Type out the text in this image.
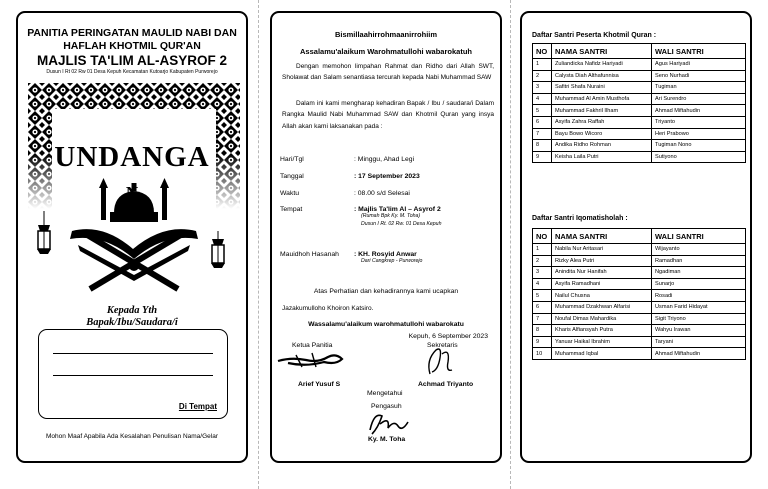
PANITIA PERINGATAN MAULID NABI DAN
HAFLAH KHOTMIL QUR'AN
MAJLIS TA'LIM AL-ASYROF 2
Dusun I Rt 02 Rw 01 Desa Kepuh Kecamatan Kutoarjo Kabupaten Purworejo
UNDANGA
N
Kepada Yth
Bapak/Ibu/Saudara/i
Di Tempat
Mohon Maaf Apabila Ada Kesalahan Penulisan Nama/Gelar
Bismillaahirrohmaanirrohiim
Assalamu'alaikum Warohmatullohi wabarokatuh
Dengan memohon limpahan Rahmat dan Ridho dari Allah SWT, Sholawat dan Salam senantiasa tercurah kepada Nabi Muhammad SAW
Dalam ini kami mengharap kehadiran Bapak / Ibu / saudara/i Dalam Rangka Maulid Nabi Muhammad SAW dan Khotmil Quran yang insya Allah akan kami laksanakan pada :
Hari/Tgl	: Minggu, Ahad Legi
Tanggal	: 17 September 2023
Waktu	: 08.00 s/d Selesai
Tempat	: Majlis Ta'lim Al – Asyrof 2
(Rumah Bpk Ky. M. Toha)
Dusun I Rt. 02 Rw. 01 Desa Kepuh
Mauidhoh Hasanah : KH. Rosyid Anwar
Dari Cangkrep - Purworejo
Atas Perhatian dan kehadirannya kami ucapkan
Jazakumulloho Khoiron Katsiro.
Wassalamu'alaikum warohmatullohi wabarokatu
Kepuh, 6 September 2023
Ketua Panitia	Sekretaris
Arief Yusuf S	Achmad Triyanto
Mengetahui
Pengasuh
Ky. M. Toha
Daftar Santri Peserta Khotmil Quran :
NO	NAMA SANTRI	WALI SANTRI
1	Zuliandicka Nafidz Hariyadi	Agus Hariyadi
2	Calysta Diah Althafunnisa	Seno Nurhadi
3	Safitri Shafa Nuraini	Tugiman
4	Muhammad Al Amin Musthofa	Ari Surendro
5	Muhammad Fakhril Ilham	Ahmad Miftahudin
6	Asyifa Zahra Raffah	Triyanto
7	Bayu Bowo Wicoro	Heri Prabowo
8	Andika Ridho Rohman	Tugiman Nono
9	Keisha Laila Putri	Sutiyono
Daftar Santri Iqomatisholah :
NO	NAMA SANTRI	WALI SANTRI
1	Nabila Nur Aritasari	Wijayanto
2	Rizky Alea Putri	Ramadhan
3	Anindita Nur Hanifah	Ngadiman
4	Asyifa Ramadhani	Sunarjo
5	Nailul Chusna	Rosadi
6	Muhammad Dzakhwan Alfarisi	Usman Farid Hidayat
7	Noufal Dimas Mahardika	Sigit Triyono
8	Kharis Alfiansyah Putra	Wahyu Irawan
9	Yanuar Haikal Ibrahim	Taryani
10	Muhammad Iqbal	Ahmad Miftahudin
